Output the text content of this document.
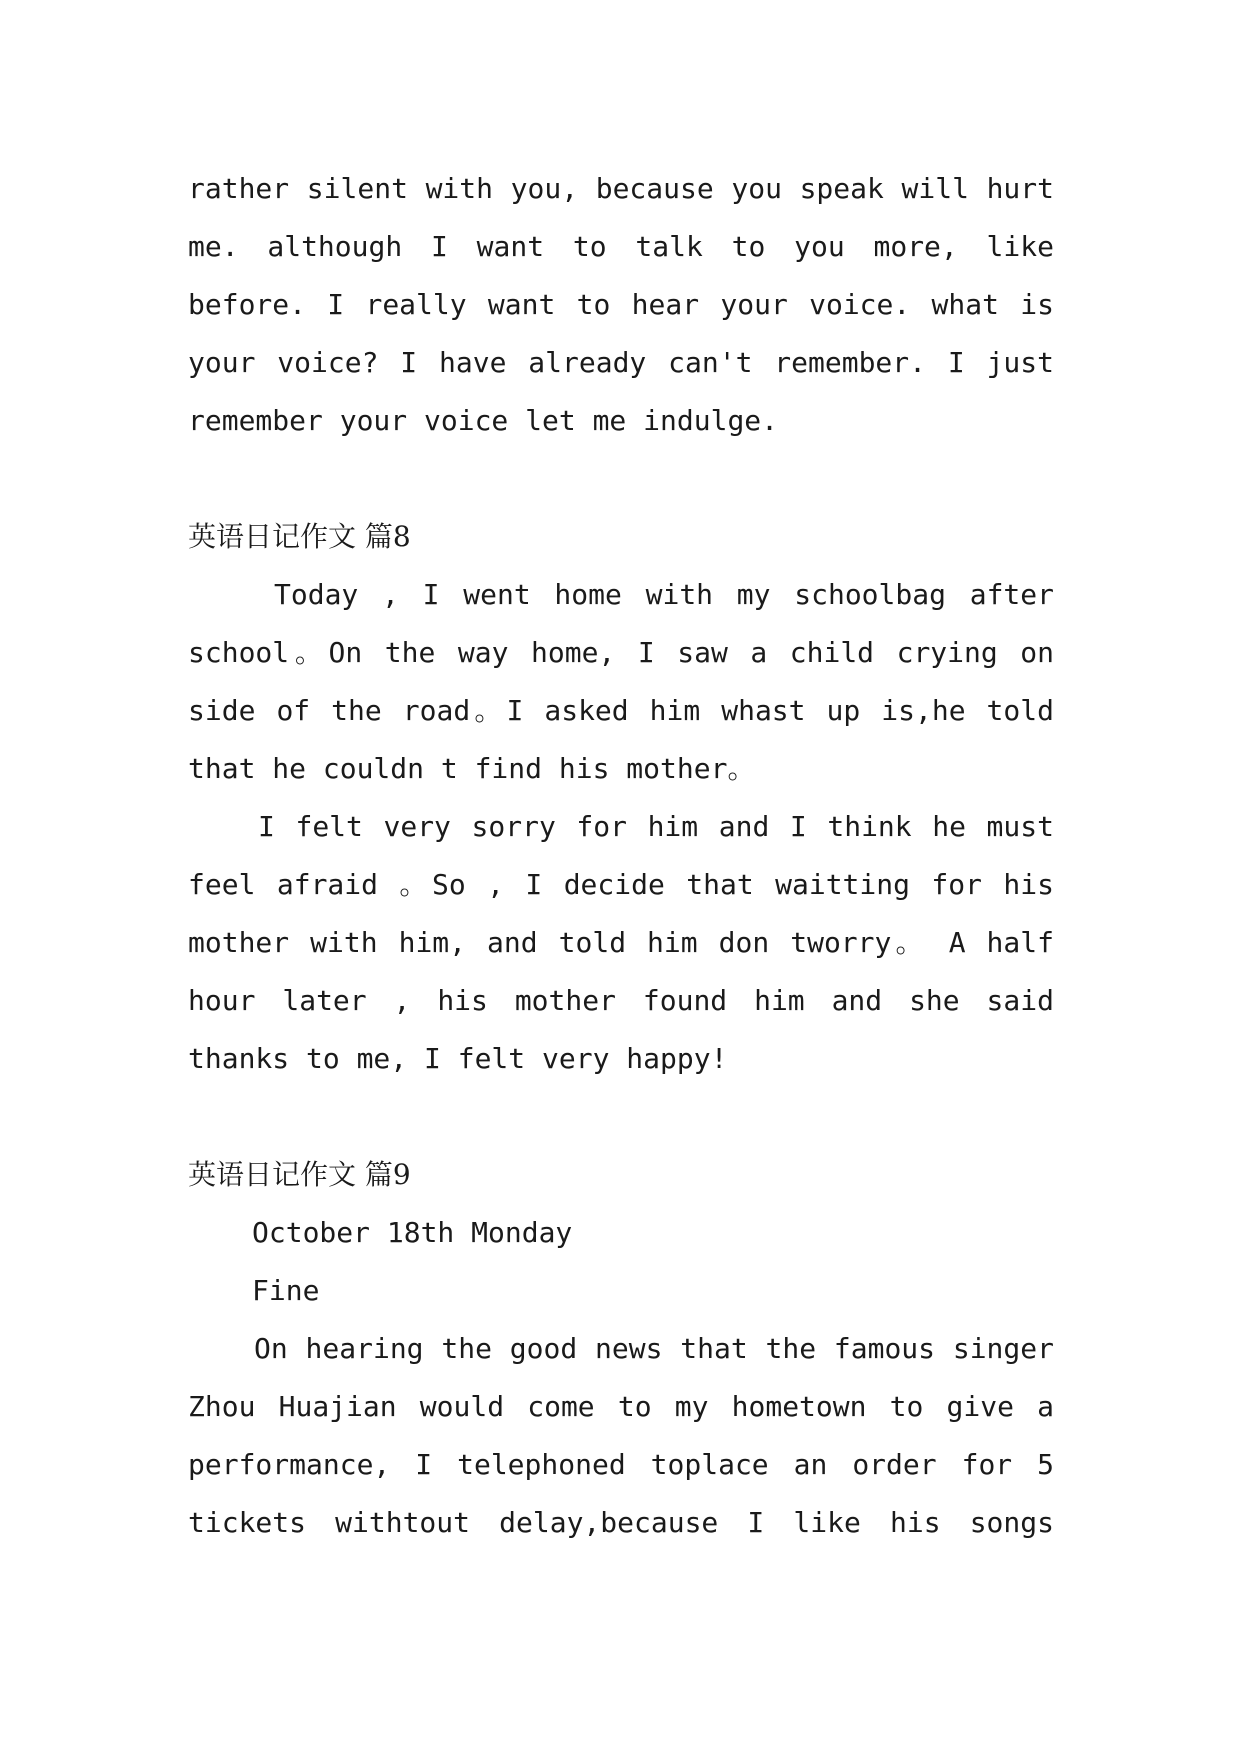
rather silent with you, because you speak will hurt
me. although I want to talk to you more, like
before. I really want to hear your voice. what is
your voice? I have already can't remember. I just
remember your voice let me indulge.
英语日记作文 篇8
Today , I went home with my schoolbag after
school。On the way home, I saw a child crying on
side of the road。I asked him whast up is,he told
that he couldn t find his mother。
I felt very sorry for him and I think he must
feel afraid 。So , I decide that waitting for his
mother with him, and told him don tworry。 A half
hour later , his mother found him and she said
thanks to me, I felt very happy!
英语日记作文 篇9
October 18th Monday
Fine
On hearing the good news that the famous singer
Zhou Huajian would come to my hometown to give a
performance, I telephoned toplace an order for 5
tickets withtout delay,because I like his songs
